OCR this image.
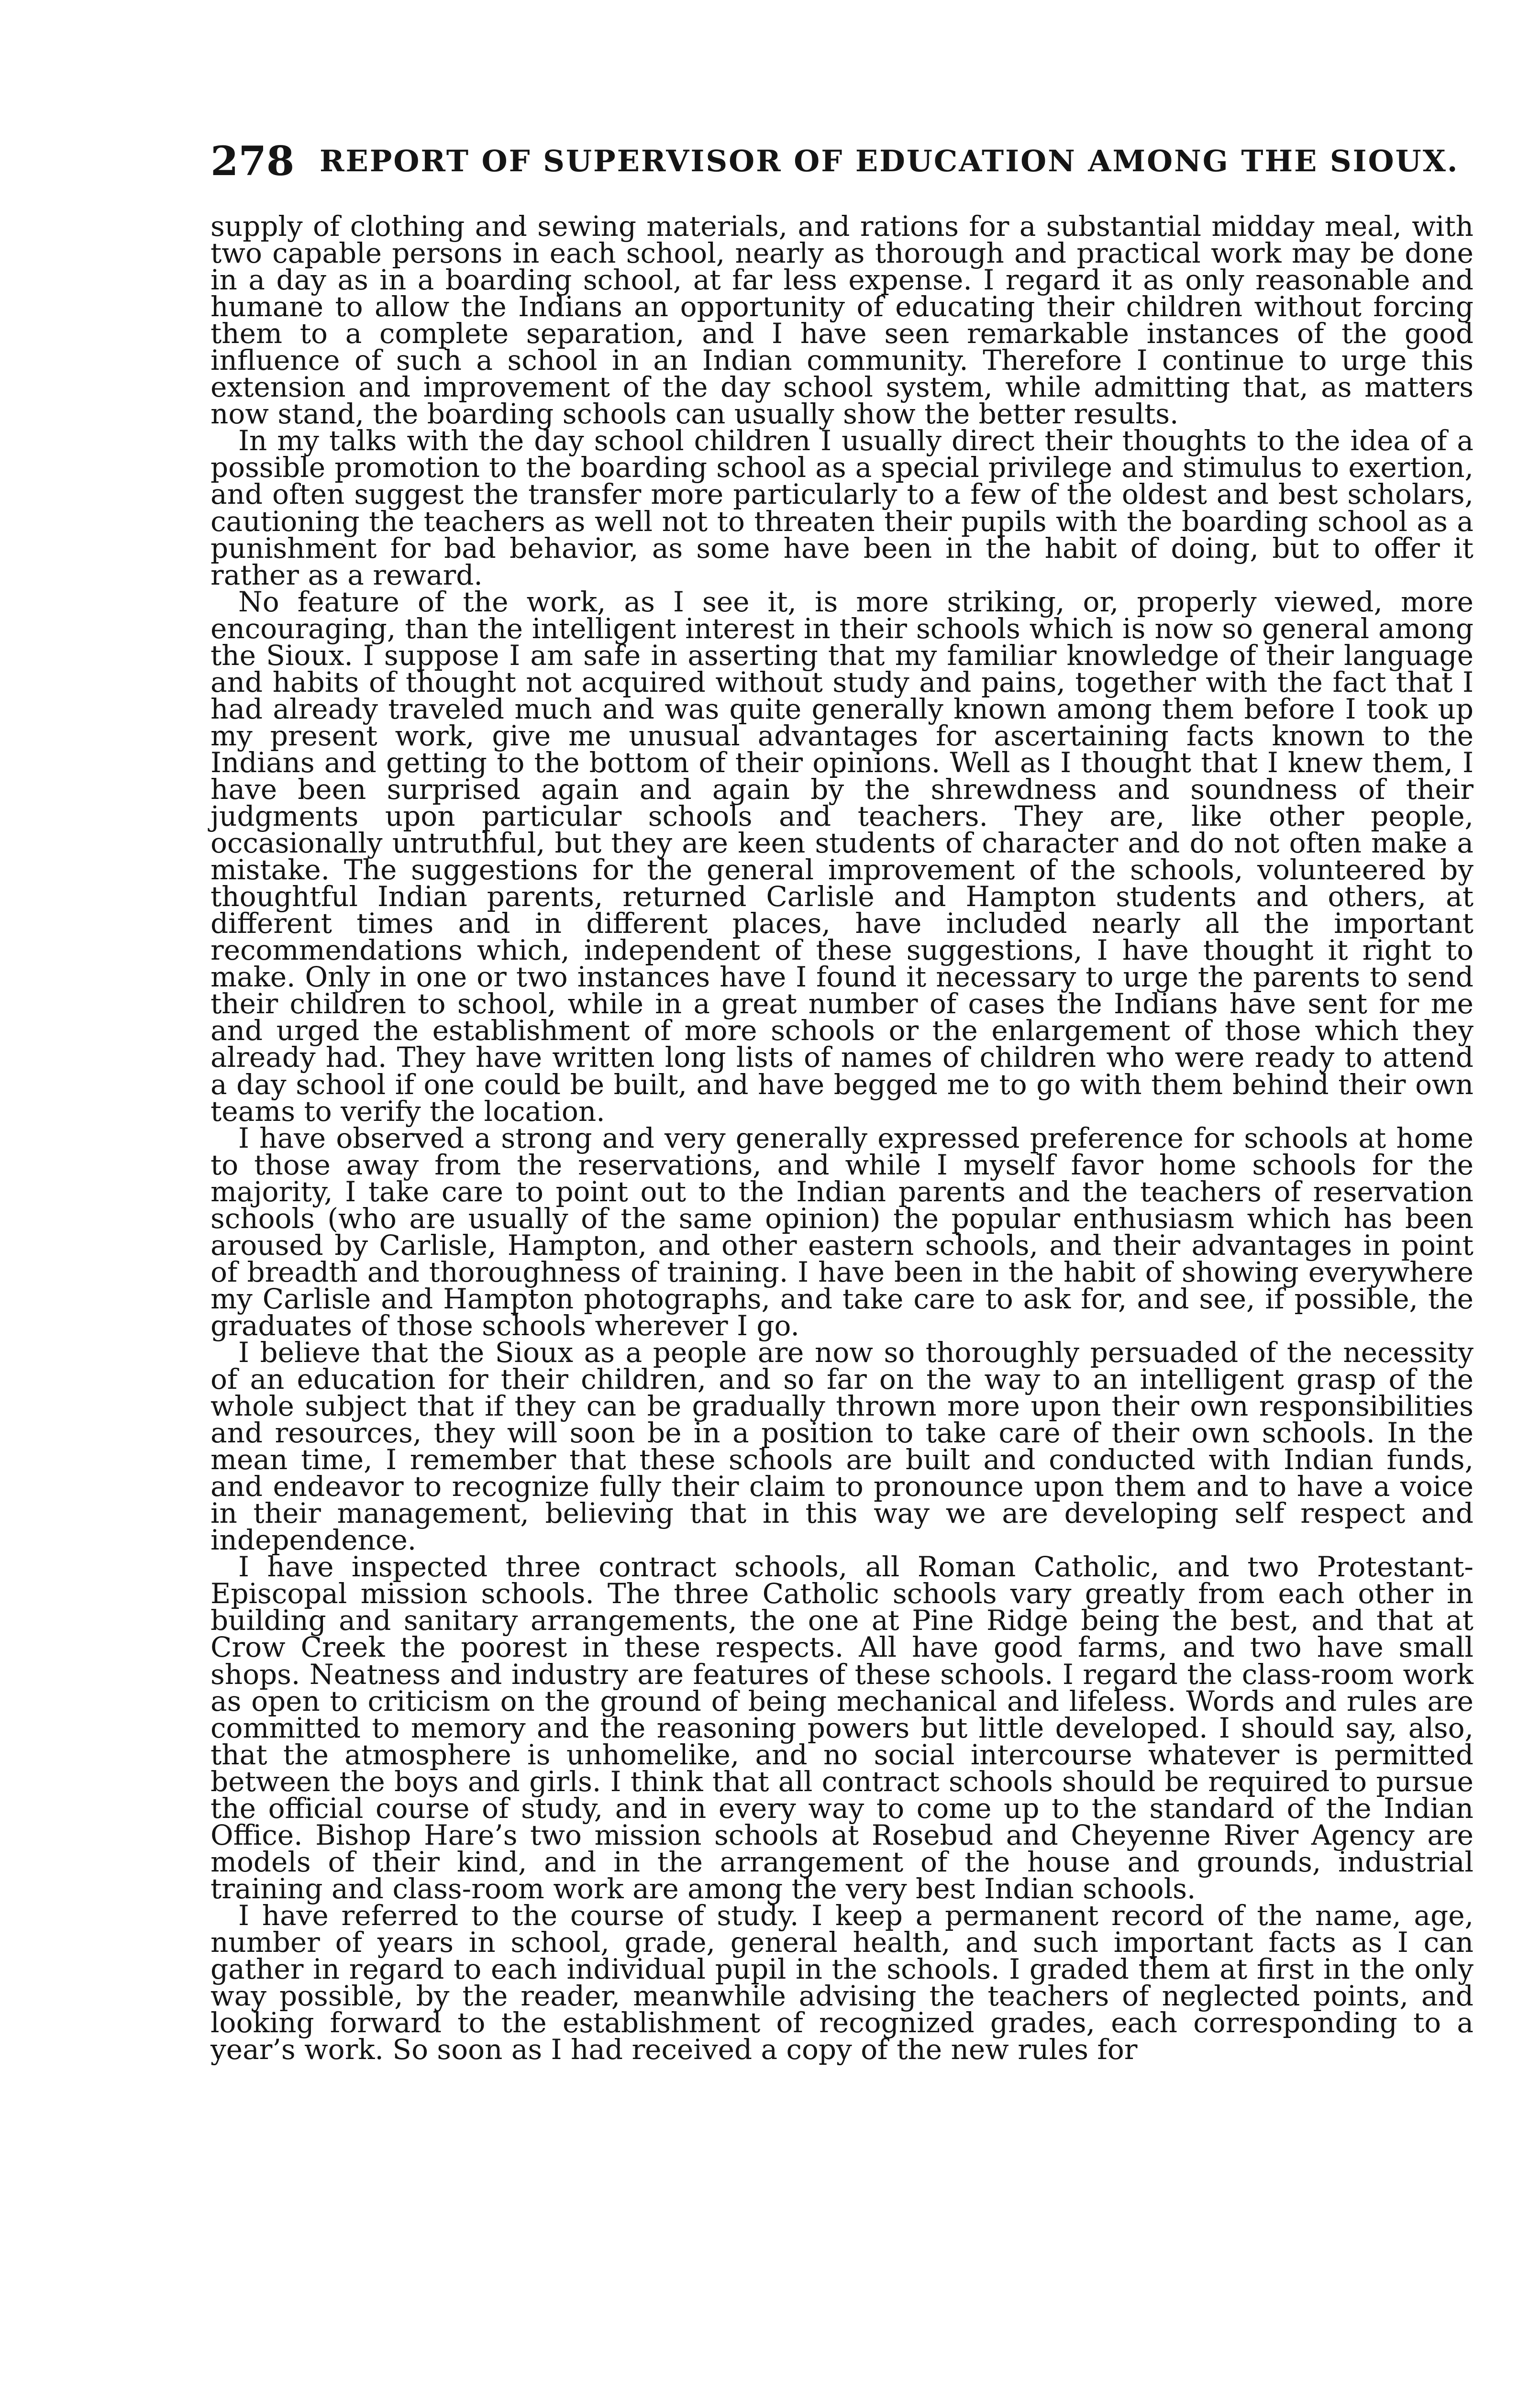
278 REPORT OF SUPERVISOR OF EDUCATION AMONG THE SIOUX.

supply of clothing and sewing materials, and rations for a substantial midday meal, with two capable persons in each school, nearly as thorough and practical work may be done in a day as in a boarding school, at far less expense. I regard it as only reasonable and humane to allow the Indians an opportunity of educating their children without forcing them to a complete separation, and I have seen remarkable instances of the good influence of such a school in an Indian community. Therefore I continue to urge this extension and improvement of the day school system, while admitting that, as matters now stand, the boarding schools can usually show the better results.

In my talks with the day school children I usually direct their thoughts to the idea of a possible promotion to the boarding school as a special privilege and stimulus to exertion, and often suggest the transfer more particularly to a few of the oldest and best scholars, cautioning the teachers as well not to threaten their pupils with the boarding school as a punishment for bad behavior, as some have been in the habit of doing, but to offer it rather as a reward.

No feature of the work, as I see it, is more striking, or, properly viewed, more encouraging, than the intelligent interest in their schools which is now so general among the Sioux. I suppose I am safe in asserting that my familiar knowledge of their language and habits of thought not acquired without study and pains, together with the fact that I had already traveled much and was quite generally known among them before I took up my present work, give me unusual advantages for ascertaining facts known to the Indians and getting to the bottom of their opinions. Well as I thought that I knew them, I have been surprised again and again by the shrewdness and soundness of their judgments upon particular schools and teachers. They are, like other people, occasionally untruthful, but they are keen students of character and do not often make a mistake. The suggestions for the general improvement of the schools, volunteered by thoughtful Indian parents, returned Carlisle and Hampton students and others, at different times and in different places, have included nearly all the important recommendations which, independent of these suggestions, I have thought it right to make. Only in one or two instances have I found it necessary to urge the parents to send their children to school, while in a great number of cases the Indians have sent for me and urged the establishment of more schools or the enlargement of those which they already had. They have written long lists of names of children who were ready to attend a day school if one could be built, and have begged me to go with them behind their own teams to verify the location.

I have observed a strong and very generally expressed preference for schools at home to those away from the reservations, and while I myself favor home schools for the majority, I take care to point out to the Indian parents and the teachers of reservation schools (who are usually of the same opinion) the popular enthusiasm which has been aroused by Carlisle, Hampton, and other eastern schools, and their advantages in point of breadth and thoroughness of training. I have been in the habit of showing everywhere my Carlisle and Hampton photographs, and take care to ask for, and see, if possible, the graduates of those schools wherever I go.

I believe that the Sioux as a people are now so thoroughly persuaded of the necessity of an education for their children, and so far on the way to an intelligent grasp of the whole subject that if they can be gradually thrown more upon their own responsibilities and resources, they will soon be in a position to take care of their own schools. In the mean time, I remember that these schools are built and conducted with Indian funds, and endeavor to recognize fully their claim to pronounce upon them and to have a voice in their management, believing that in this way we are developing self respect and independence.

I have inspected three contract schools, all Roman Catholic, and two Protestant-Episcopal mission schools. The three Catholic schools vary greatly from each other in building and sanitary arrangements, the one at Pine Ridge being the best, and that at Crow Creek the poorest in these respects. All have good farms, and two have small shops. Neatness and industry are features of these schools. I regard the class-room work as open to criticism on the ground of being mechanical and lifeless. Words and rules are committed to memory and the reasoning powers but little developed. I should say, also, that the atmosphere is unhomelike, and no social intercourse whatever is permitted between the boys and girls. I think that all contract schools should be required to pursue the official course of study, and in every way to come up to the standard of the Indian Office. Bishop Hare’s two mission schools at Rosebud and Cheyenne River Agency are models of their kind, and in the arrangement of the house and grounds, industrial training and class-room work are among the very best Indian schools.

I have referred to the course of study. I keep a permanent record of the name, age, number of years in school, grade, general health, and such important facts as I can gather in regard to each individual pupil in the schools. I graded them at first in the only way possible, by the reader, meanwhile advising the teachers of neglected points, and looking forward to the establishment of recognized grades, each corresponding to a year’s work. So soon as I had received a copy of the new rules for
